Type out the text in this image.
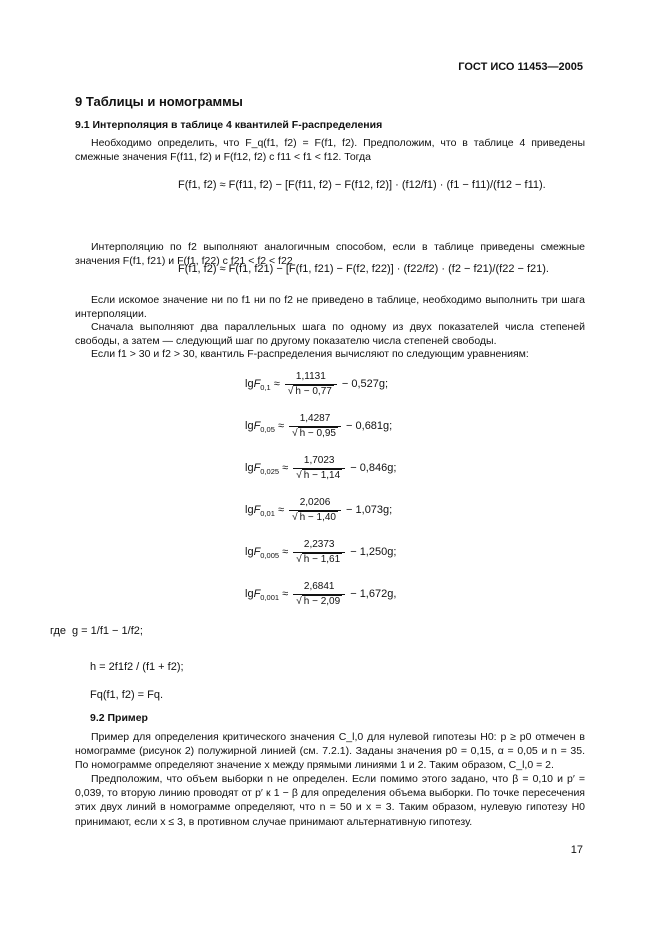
ГОСТ ИСО 11453—2005
9 Таблицы и номограммы
9.1 Интерполяция в таблице 4 квантилей F-распределения
Необходимо определить, что F_q(f1, f2) = F(f1, f2). Предположим, что в таблице 4 приведены смежные значения F(f11, f2) и F(f12, f2) с f11 < f1 < f12. Тогда
F(f1, f2) ≈ F(f11, f2) − [F(f11, f2) − F(f12, f2)] · (f12/f1) · (f1 − f11)/(f12 − f11).
Интерполяцию по f2 выполняют аналогичным способом, если в таблице приведены смежные значения F(f1, f21) и F(f1, f22) с f21 < f2 < f22
F(f1, f2) ≈ F(f1, f21) − [F(f1, f21) − F(f2, f22)] · (f22/f2) · (f2 − f21)/(f22 − f21).
Если искомое значение ни по f1 ни по f2 не приведено в таблице, необходимо выполнить три шага интерполяции.
Сначала выполняют два параллельных шага по одному из двух показателей числа степеней свободы, а затем — следующий шаг по другому показателю числа степеней свободы.
Если f1 > 30 и f2 > 30, квантиль F-распределения вычисляют по следующим уравнениям:
$\lg F_{0,1} \approx \frac{1,1131}{√ h - 0,77} - 0,527g$;
$\lg F_{0,05} \approx \frac{1,4287}{√ h - 0,95} - 0,681g$;
$\lg F_{0,025} \approx \frac{1,7023}{√ h - 1,14} - 0,846g$;
$\lg F_{0,01} \approx \frac{2,0206}{√ h - 1,40} - 1,073g$;
$\lg F_{0,005} \approx \frac{2,2373}{√ h - 1,61} - 1,250g$;
$\lg F_{0,001} \approx \frac{2,6841}{√ h - 2,09} - 1,672g$,
где g = 1/f1 − 1/f2;
h = 2f1f2 / (f1 + f2);
Fq(f1, f2) = Fq.
9.2 Пример
Пример для определения критического значения C_l,0 для нулевой гипотезы H0: p ≥ p0 отмечен в номограмме (рисунок 2) полужирной линией (см. 7.2.1). Заданы значения p0 = 0,15, α = 0,05 и n = 35. По номограмме определяют значение x между прямыми линиями 1 и 2. Таким образом, C_l,0 = 2.
Предположим, что объем выборки n не определен. Если помимо этого задано, что β = 0,10 и p′ = 0,039, то вторую линию проводят от p′ к 1 − β для определения объема выборки. По точке пересечения этих двух линий в номограмме определяют, что n = 50 и x = 3. Таким образом, нулевую гипотезу H0 принимают, если x ≤ 3, в противном случае принимают альтернативную гипотезу.
17
